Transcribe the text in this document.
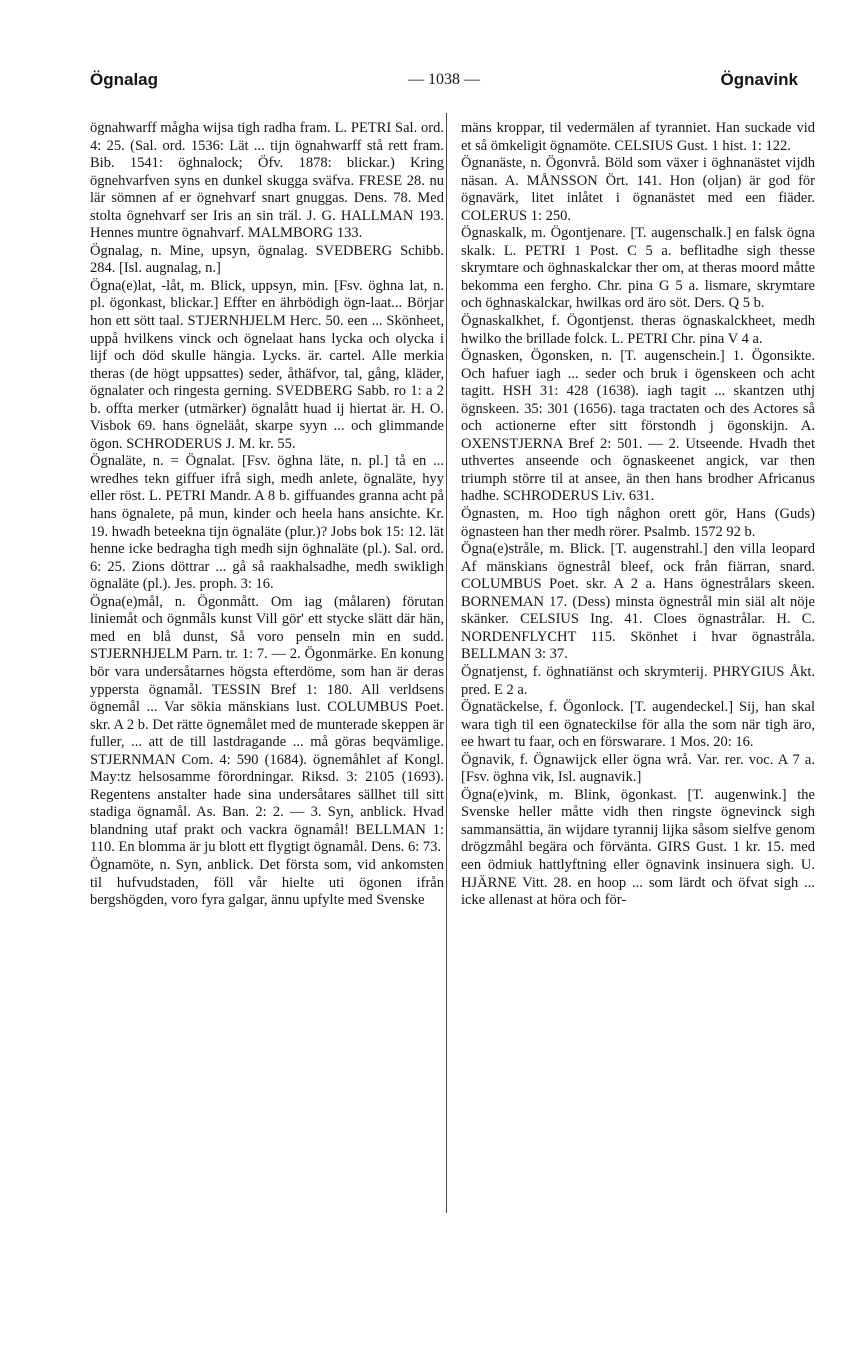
Ögnalag	— 1038 —	Ögnavink

ögnahwarff mågha wijsa tigh radha fram. L. PETRI Sal. ord. 4: 25. (Sal. ord. 1536: Lät ... tijn ögnahwarff stå rett fram. Bib. 1541: öghnalock; Öfv. 1878: blickar.) Kring ögnehvarfven syns en dunkel skugga sväfva. FRESE 28. nu lär sömnen af er ögnehvarf snart gnuggas. Dens. 78. Med stolta ögnehvarf ser Iris an sin träl. J. G. HALLMAN 193. Hennes muntre ögnahvarf. MALMBORG 133.

Ögnalag, n. Mine, upsyn, ögnalag. SVEDBERG Schibb. 284. [Isl. augnalag, n.]

Ögna(e)lat, -låt, m. Blick, uppsyn, min. [Fsv. öghna lat, n. pl. ögonkast, blickar.] Effter en ährbödigh ögn-laat... Börjar hon ett sött taal. STJERNHJELM Herc. 50. een ... Skönheet, uppå hvilkens vinck och ögnelaat hans lycka och olycka i lijf och död skulle hängia. Lycks. är. cartel. Alle merkia theras (de högt uppsattes) seder, åthäfvor, tal, gång, kläder, ögnalater och ringesta gerning. SVEDBERG Sabb. ro 1: a 2 b. offta merker (utmärker) ögnalått huad ij hiertat är. H. O. Visbok 69. hans ögneläåt, skarpe syyn ... och glimmande ögon. SCHRODERUS J. M. kr. 55.

Ögnaläte, n. = Ögnalat. [Fsv. öghna läte, n. pl.] tå en ... wredhes tekn giffuer ifrå sigh, medh anlete, ögnaläte, hyy eller röst. L. PETRI Mandr. A 8 b. giffuandes granna acht på hans ögnalete, på mun, kinder och heela hans ansichte. Kr. 19. hwadh beteekna tijn ögnaläte (plur.)? Jobs bok 15: 12. lät henne icke bedragha tigh medh sijn öghnaläte (pl.). Sal. ord. 6: 25. Zions döttrar ... gå så raakhalsadhe, medh swikligh ögnaläte (pl.). Jes. proph. 3: 16.

Ögna(e)mål, n. Ögonmått. Om iag (målaren) förutan liniemåt och ögnmåls kunst Vill gör' ett stycke slätt där hän, med en blå dunst, Så voro penseln min en sudd. STJERNHJELM Parn. tr. 1: 7. — 2. Ögonmärke. En konung bör vara undersåtarnes högsta efterdöme, som han är deras yppersta ögnamål. TESSIN Bref 1: 180. All verldsens ögnemål ... Var sökia mänskians lust. COLUMBUS Poet. skr. A 2 b. Det rätte ögnemålet med de munterade skeppen är fuller, ... att de till lastdragande ... må göras beqvämlige. STJERNMAN Com. 4: 590 (1684). ögnemåhlet af Kongl. May:tz helsosamme förordningar. Riksd. 3: 2105 (1693). Regentens anstalter hade sina undersåtares sällhet till sitt stadiga ögnamål. As. Ban. 2: 2. — 3. Syn, anblick. Hvad blandning utaf prakt och vackra ögnamål! BELLMAN 1: 110. En blomma är ju blott ett flygtigt ögnamål. Dens. 6: 73.

Ögnamöte, n. Syn, anblick. Det första som, vid ankomsten til hufvudstaden, föll vår hielte uti ögonen ifrån bergshögden, voro fyra galgar, ännu upfylte med Svenske

mäns kroppar, til vedermälen af tyranniet. Han suckade vid et så ömkeligit ögnamöte. CELSIUS Gust. 1 hist. 1: 122.

Ögnanäste, n. Ögonvrå. Böld som växer i öghnanästet vijdh näsan. A. MÅNSSON Ört. 141. Hon (oljan) är god för ögnavärk, litet inlåtet i ögnanästet med een fiäder. COLERUS 1: 250.

Ögnaskalk, m. Ögontjenare. [T. augenschalk.] en falsk ögna skalk. L. PETRI 1 Post. C 5 a. beflitadhe sigh thesse skrymtare och öghnaskalckar ther om, at theras moord måtte bekomma een fergho. Chr. pina G 5 a. lismare, skrymtare och öghnaskalckar, hwilkas ord äro söt. Ders. Q 5 b.

Ögnaskalkhet, f. Ögontjenst. theras ögnaskalckheet, medh hwilko the brillade folck. L. PETRI Chr. pina V 4 a.

Ögnasken, Ögonsken, n. [T. augenschein.] 1. Ögonsikte. Och hafuer iagh ... seder och bruk i ögenskeen och acht tagitt. HSH 31: 428 (1638). iagh tagit ... skantzen uthj ögnskeen. 35: 301 (1656). taga tractaten och des Actores så och actionerne efter sitt förstondh j ögonskijn. A. OXENSTJERNA Bref 2: 501. — 2. Utseende. Hvadh thet uthvertes anseende och ögnaskeenet angick, var then triumph större til at ansee, än then hans brodher Africanus hadhe. SCHRODERUS Liv. 631.

Ögnasten, m. Hoo tigh någhon orett gör, Hans (Guds) ögnasteen han ther medh rörer. Psalmb. 1572 92 b.

Ögna(e)stråle, m. Blick. [T. augenstrahl.] den villa leopard Af mänskians ögnestrål bleef, ock från fiärran, snard. COLUMBUS Poet. skr. A 2 a. Hans ögnestrålars skeen. BORNEMAN 17. (Dess) minsta ögnestrål min siäl alt nöje skänker. CELSIUS Ing. 41. Cloes ögnastrålar. H. C. NORDENFLYCHT 115. Skönhet i hvar ögnastråla. BELLMAN 3: 37.

Ögnatjenst, f. öghnatiänst och skrymterij. PHRYGIUS Åkt. pred. E 2 a.

Ögnatäckelse, f. Ögonlock. [T. augendeckel.] Sij, han skal wara tigh til een ögnateckilse för alla the som när tigh äro, ee hwart tu faar, och en förswarare. 1 Mos. 20: 16.

Ögnavik, f. Ögnawijck eller ögna wrå. Var. rer. voc. A 7 a. [Fsv. öghna vik, Isl. augnavik.]

Ögna(e)vink, m. Blink, ögonkast. [T. augenwink.] the Svenske heller måtte vidh then ringste ögnevinck sigh sammansättia, än wijdare tyrannij lijka såsom sielfve genom drögzmåhl begära och förvänta. GIRS Gust. 1 kr. 15. med een ödmiuk hattlyftning eller ögnavink insinuera sigh. U. HJÄRNE Vitt. 28. en hoop ... som lärdt och öfvat sigh ... icke allenast at höra och för-
